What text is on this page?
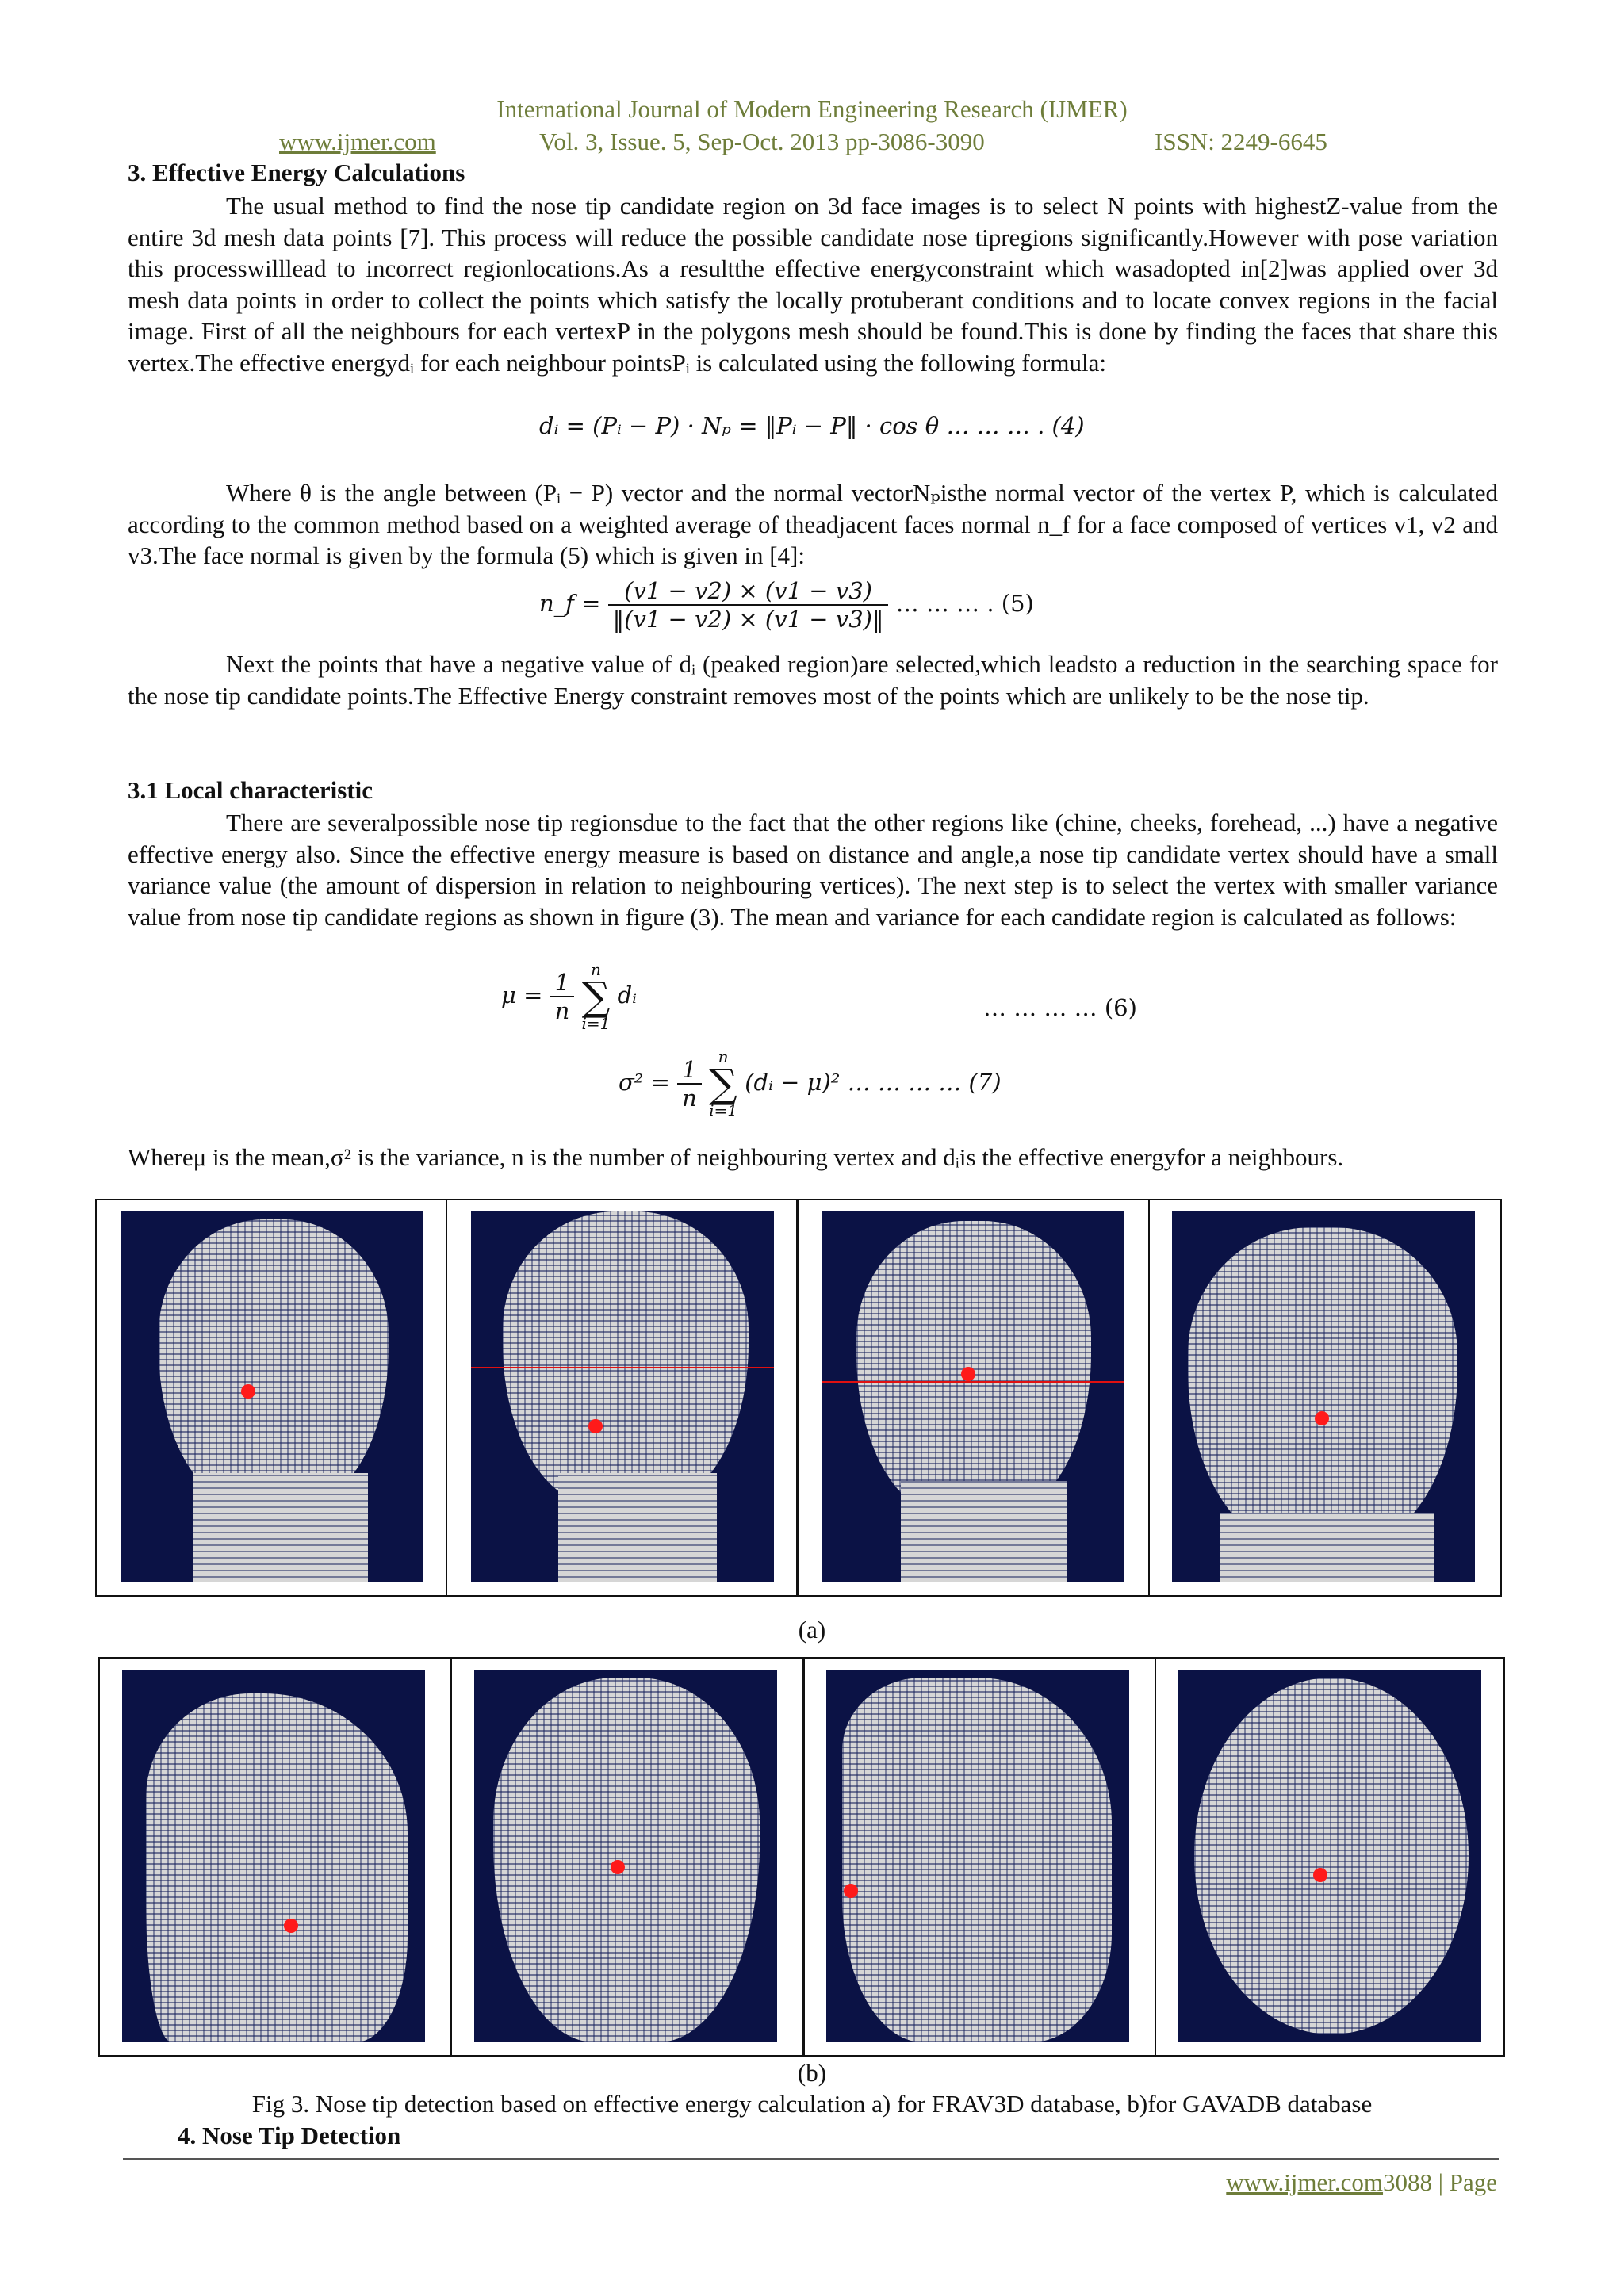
International Journal of Modern Engineering Research (IJMER)
www.ijmer.com	Vol. 3, Issue. 5, Sep-Oct. 2013 pp-3086-3090	ISSN: 2249-6645
3. Effective Energy Calculations
The usual method to find the nose tip candidate region on 3d face images is to select N points with highestZ-value from the entire 3d mesh data points [7]. This process will reduce the possible candidate nose tipregions significantly.However with pose variation this processwilllead to incorrect regionlocations.As a resultthe effective energyconstraint which wasadopted in[2]was applied over 3d mesh data points in order to collect the points which satisfy the locally protuberant conditions and to locate convex regions in the facial image. First of all the neighbours for each vertexP in the polygons mesh should be found.This is done by finding the faces that share this vertex.The effective energydᵢ for each neighbour pointsPᵢ is calculated using the following formula:
dᵢ = (Pᵢ − P) · Nₚ = ‖Pᵢ − P‖ · cos θ … … … . (4)
Where θ is the angle between (Pᵢ − P) vector and the normal vectorNₚisthe normal vector of the vertex P, which is calculated according to the common method based on a weighted average of theadjacent faces normal n_f for a face composed of vertices v1, v2 and v3.The face normal is given by the formula (5) which is given in [4]:
n_f = $\frac{(v1 - v2) \times (v1 - v3)}{‖(v1 - v2) \times (v1 - v3)‖}$ … … … . (5)
Next the points that have a negative value of dᵢ (peaked region)are selected,which leadsto a reduction in the searching space for the nose tip candidate points.The Effective Energy constraint removes most of the points which are unlikely to be the nose tip.
3.1 Local characteristic
There are severalpossible nose tip regionsdue to the fact that the other regions like (chine, cheeks, forehead, ...) have a negative effective energy also. Since the effective energy measure is based on distance and angle,a nose tip candidate vertex should have a small variance value (the amount of dispersion in relation to neighbouring vertices). The next step is to select the vertex with smaller variance value from nose tip candidate regions as shown in figure (3). The mean and variance for each candidate region is calculated as follows:
$\mu = \frac{1}{n}$
	n
∑
i=1
dᵢ	… … … … (6)
$\sigma^2 = \frac{1}{n}$
	n
∑
i=1
(dᵢ − μ)² … … … … (7)
Whereμ is the mean,σ² is the variance, n is the number of neighbouring vertex and dᵢis the effective energyfor a neighbours.
(a)
(b)
Fig 3. Nose tip detection based on effective energy calculation a) for FRAV3D database, b)for GAVADB database
4. Nose Tip Detection
www.ijmer.com3088 | Page
